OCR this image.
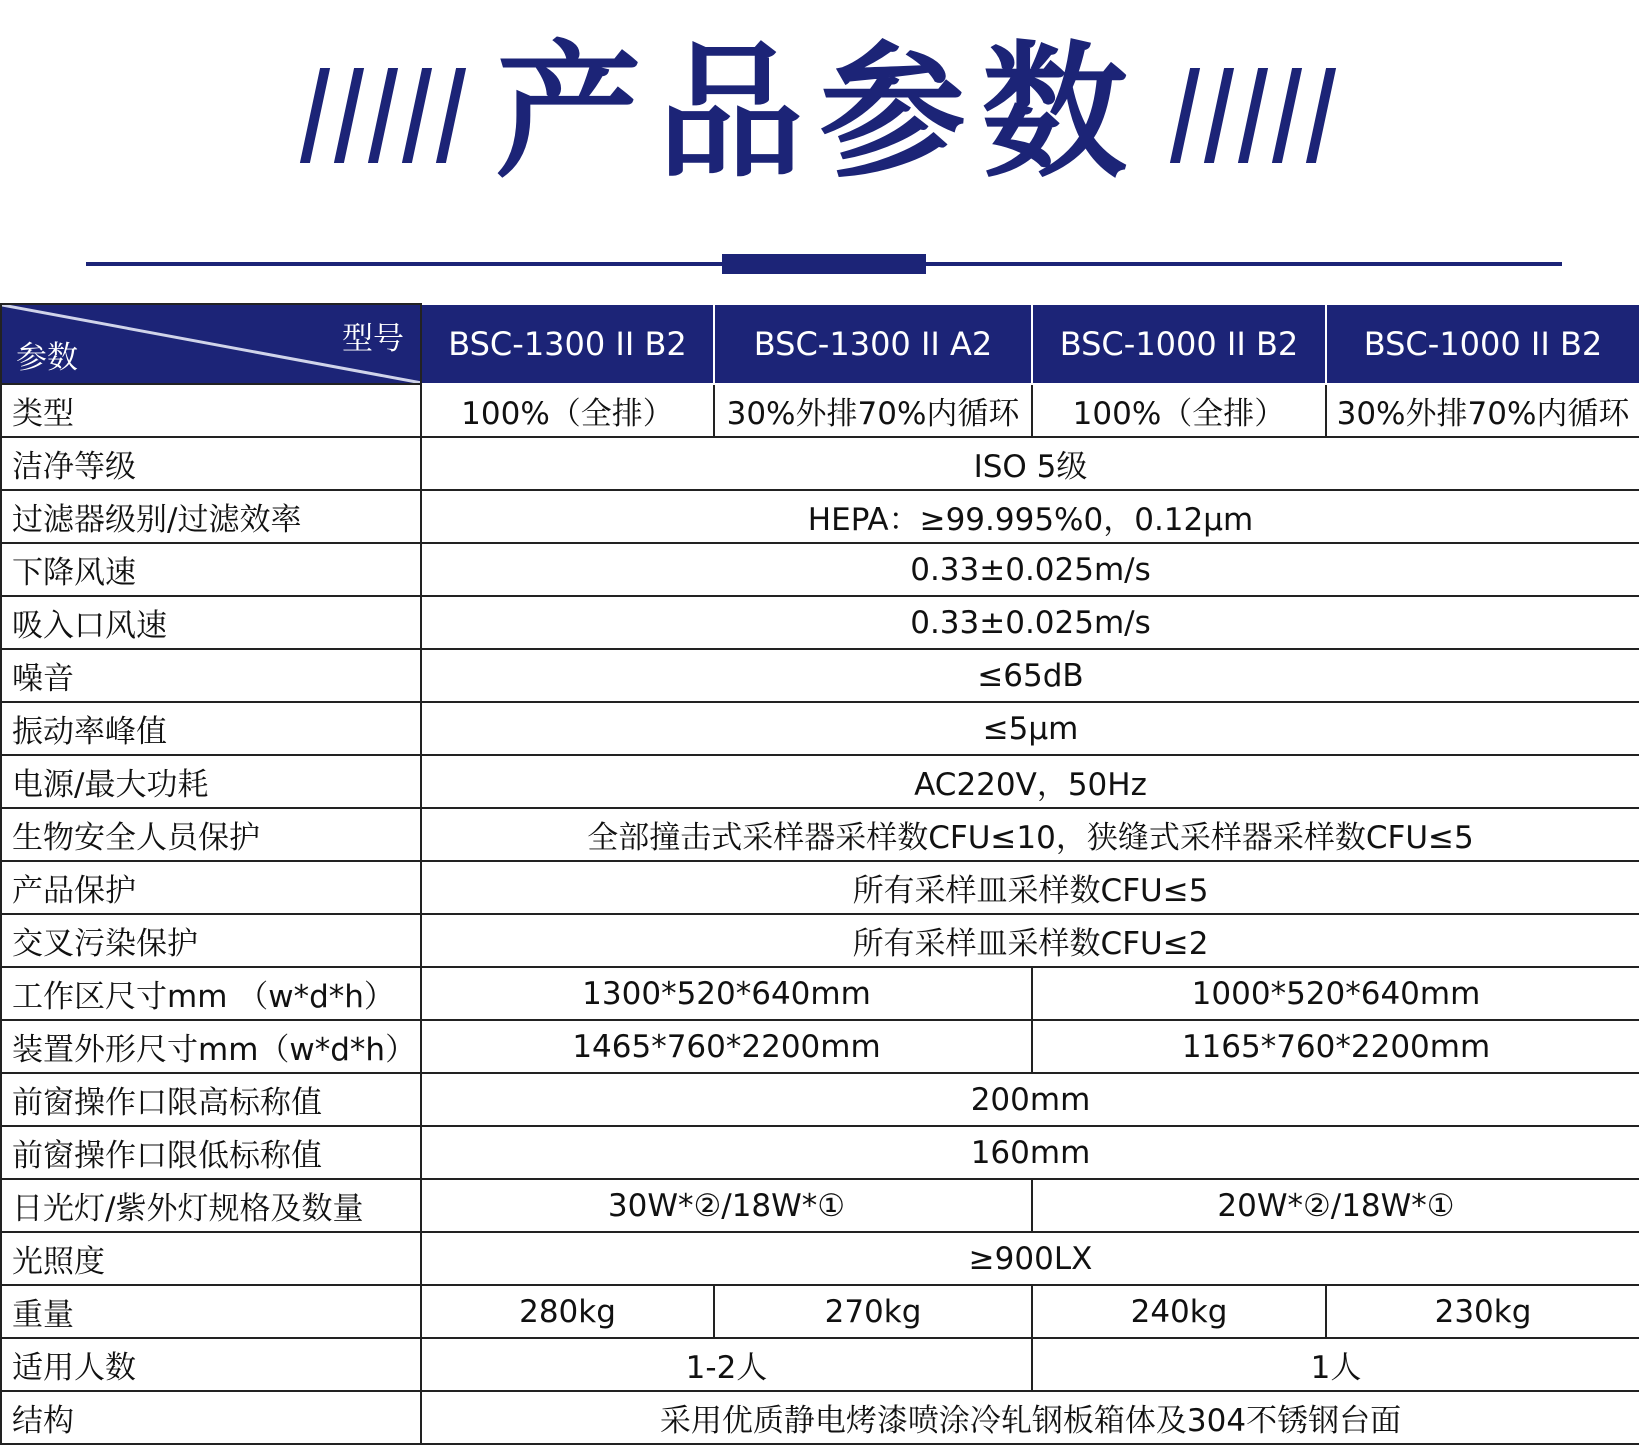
产品参数
型号
参数	BSC-1300 II B2	BSC-1300 II A2	BSC-1000 II B2	BSC-1000 II B2
类型	100%（全排）	30%外排70%内循环	100%（全排）	30%外排70%内循环
洁净等级	ISO 5级			
过滤器级别/过滤效率	HEPA：≥99.995%0，0.12μm			
下降风速	0.33±0.025m/s			
吸入口风速	0.33±0.025m/s			
噪音	≤65dB			
振动率峰值	≤5μm			
电源/最大功耗	AC220V，50Hz			
生物安全人员保护	全部撞击式采样器采样数CFU≤10，狭缝式采样器采样数CFU≤5			
产品保护	所有采样皿采样数CFU≤5			
交叉污染保护	所有采样皿采样数CFU≤2			
工作区尺寸mm （w*d*h）	1300*520*640mm		1000*520*640mm	
装置外形尺寸mm（w*d*h）	1465*760*2200mm		1165*760*2200mm	
前窗操作口限高标称值	200mm			
前窗操作口限低标称值	160mm			
日光灯/紫外灯规格及数量	30W*②/18W*①		20W*②/18W*①	
光照度	≥900LX			
重量	280kg	270kg	240kg	230kg
适用人数	1-2人		1人	
结构	采用优质静电烤漆喷涂冷轧钢板箱体及304不锈钢台面			
